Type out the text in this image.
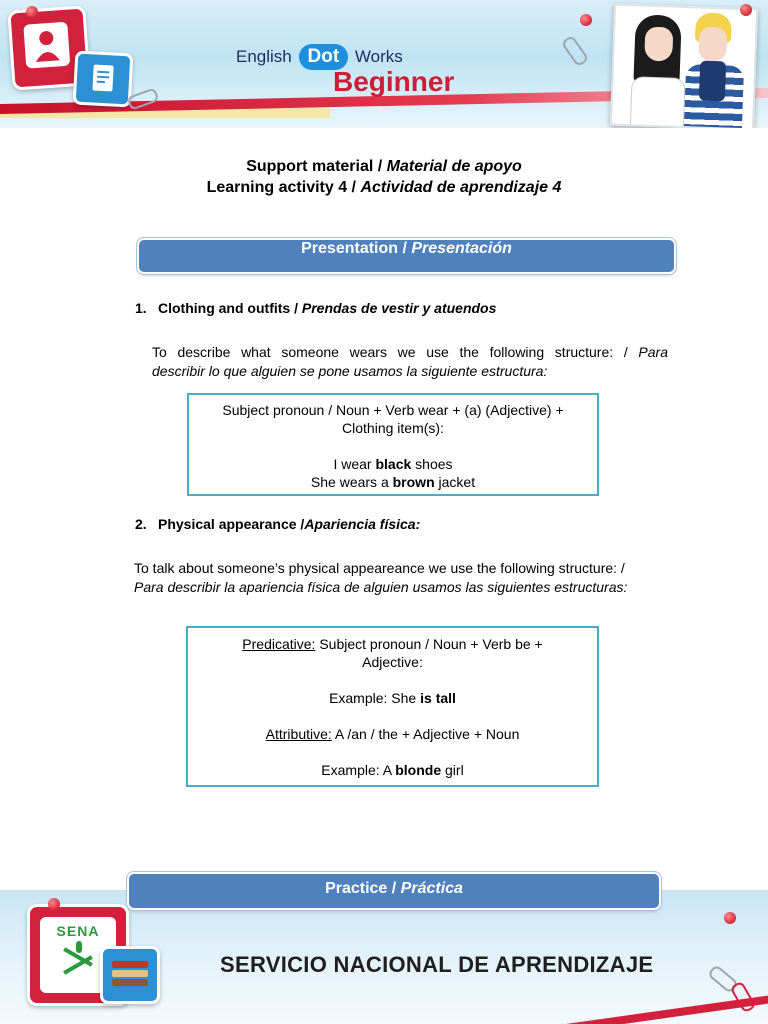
English Dot Works
Beginner
Support material / Material de apoyo
Learning activity 4 / Actividad de aprendizaje 4
Presentation / Presentación
1. Clothing and outfits / Prendas de vestir y atuendos
To describe what someone wears we use the following structure: / Para
describir lo que alguien se pone usamos la siguiente estructura:

Subject pronoun / Noun + Verb wear + (a) (Adjective) + Clothing item(s):

I wear black shoes

She wears a brown jacket

2. Physical appearance /Apariencia física:
To talk about someone’s physical appeareance we use the following structure: /
Para describir la apariencia física de alguien usamos las siguientes estructuras:

Predicative: Subject pronoun / Noun + Verb be + Adjective:

Example: She is tall

Attributive: A /an / the + Adjective + Noun

Example: A blonde girl

SENA
SERVICIO NACIONAL DE APRENDIZAJE
Practice / Práctica
